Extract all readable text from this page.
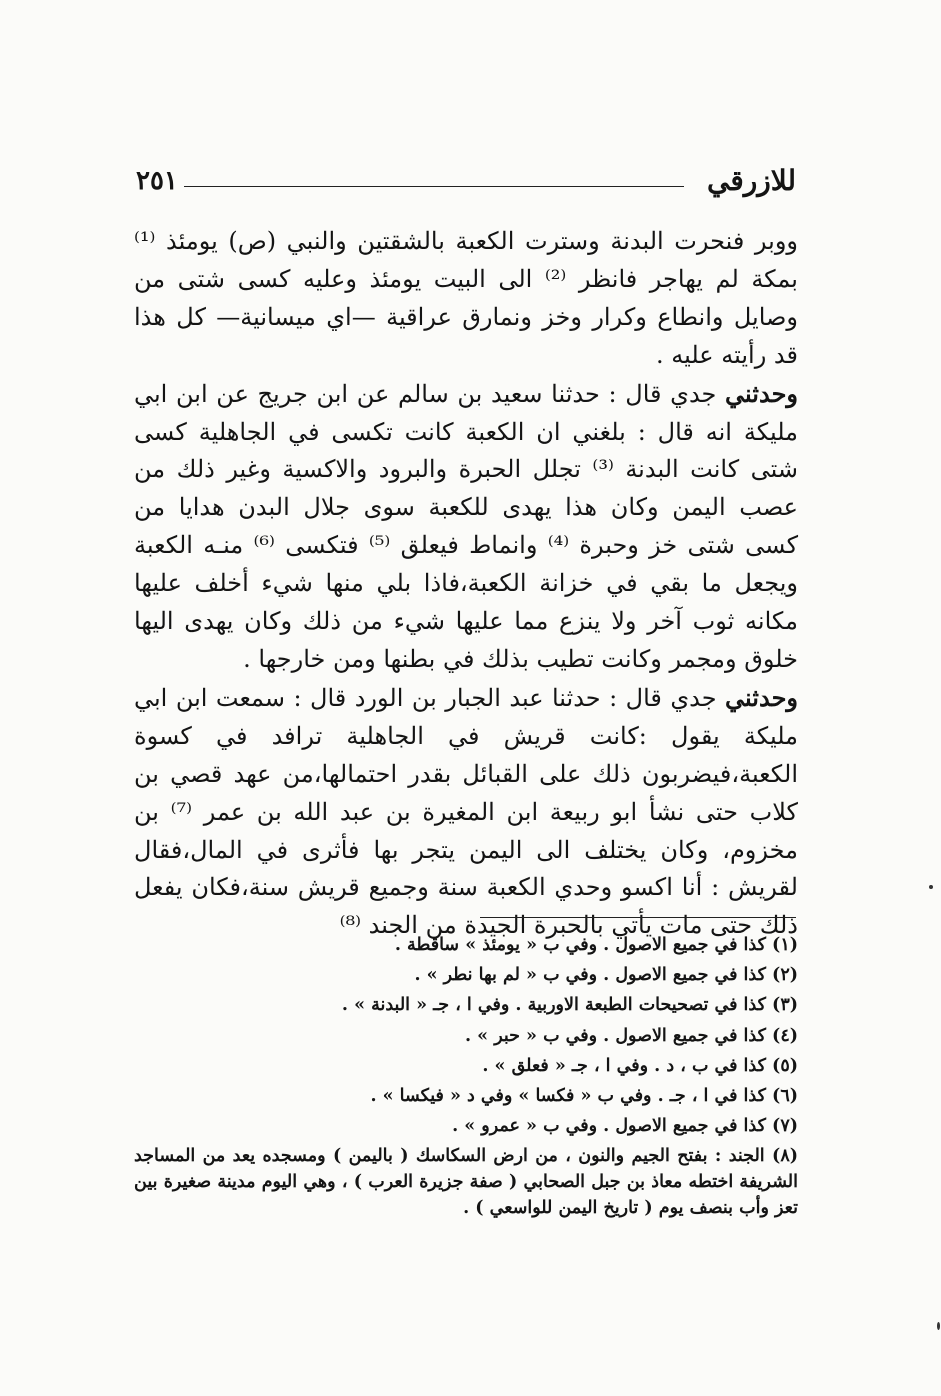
٢٥١	للازرقي

ووبر فنحرت البدنة وسترت الكعبة بالشقتين والنبي (ص) يومئذ ⁽¹⁾ بمكة لم يهاجر فانظر ⁽²⁾ الى البيت يومئذ وعليه كسى شتى من وصايل وانطاع وكرار وخز ونمارق عراقية —اي ميسانية— كل هذا قد رأيته عليه .

وحدثني جدي قال : حدثنا سعيد بن سالم عن ابن جريج عن ابن ابي مليكة انه قال : بلغني ان الكعبة كانت تكسى في الجاهلية كسى شتى كانت البدنة ⁽³⁾ تجلل الحبرة والبرود والاكسية وغير ذلك من عصب اليمن وكان هذا يهدى للكعبة سوى جلال البدن هدايا من كسى شتى خز وحبرة ⁽⁴⁾ وانماط فيعلق ⁽⁵⁾ فتكسى ⁽⁶⁾ منـه الكعبة ويجعل ما بقي في خزانة الكعبة،فاذا بلي منها شيء أخلف عليها مكانه ثوب آخر ولا ينزع مما عليها شيء من ذلك وكان يهدى اليها خلوق ومجمر وكانت تطيب بذلك في بطنها ومن خارجها .

وحدثني جدي قال : حدثنا عبد الجبار بن الورد قال : سمعت ابن ابي مليكة يقول :كانت قريش في الجاهلية ترافد في كسوة الكعبة،فيضربون ذلك على القبائل بقدر احتمالها،من عهد قصي بن كلاب حتى نشأ ابو ربيعة ابن المغيرة بن عبد الله بن عمر ⁽⁷⁾ بن مخزوم، وكان يختلف الى اليمن يتجر بها فأثرى في المال،فقال لقريش : أنا اكسو وحدي الكعبة سنة وجميع قريش سنة،فكان يفعل ذلك حتى مات يأتي بالحبرة الجيدة من الجند ⁽⁸⁾

(١) كذا في جميع الاصول . وفي ب « يومئذ » ساقطة .

(٢) كذا في جميع الاصول . وفي ب « لم بها نطر » .

(٣) كذا في تصحيحات الطبعة الاوربية . وفي ا ، جـ « البدنة » .

(٤) كذا في جميع الاصول . وفي ب « حبر » .

(٥) كذا في ب ، د . وفي ا ، جـ « فعلق » .

(٦) كذا في ا ، جـ . وفي ب « فكسا » وفي د « فيكسا » .

(٧) كذا في جميع الاصول . وفي ب « عمرو » .

(٨) الجند : بفتح الجيم والنون ، من ارض السكاسك ( باليمن ) ومسجده يعد من المساجد الشريفة اختطه معاذ بن جبل الصحابي ( صفة جزيرة العرب ) ، وهي اليوم مدينة صغيرة بين تعز وأب بنصف يوم ( تاريخ اليمن للواسعي ) .
